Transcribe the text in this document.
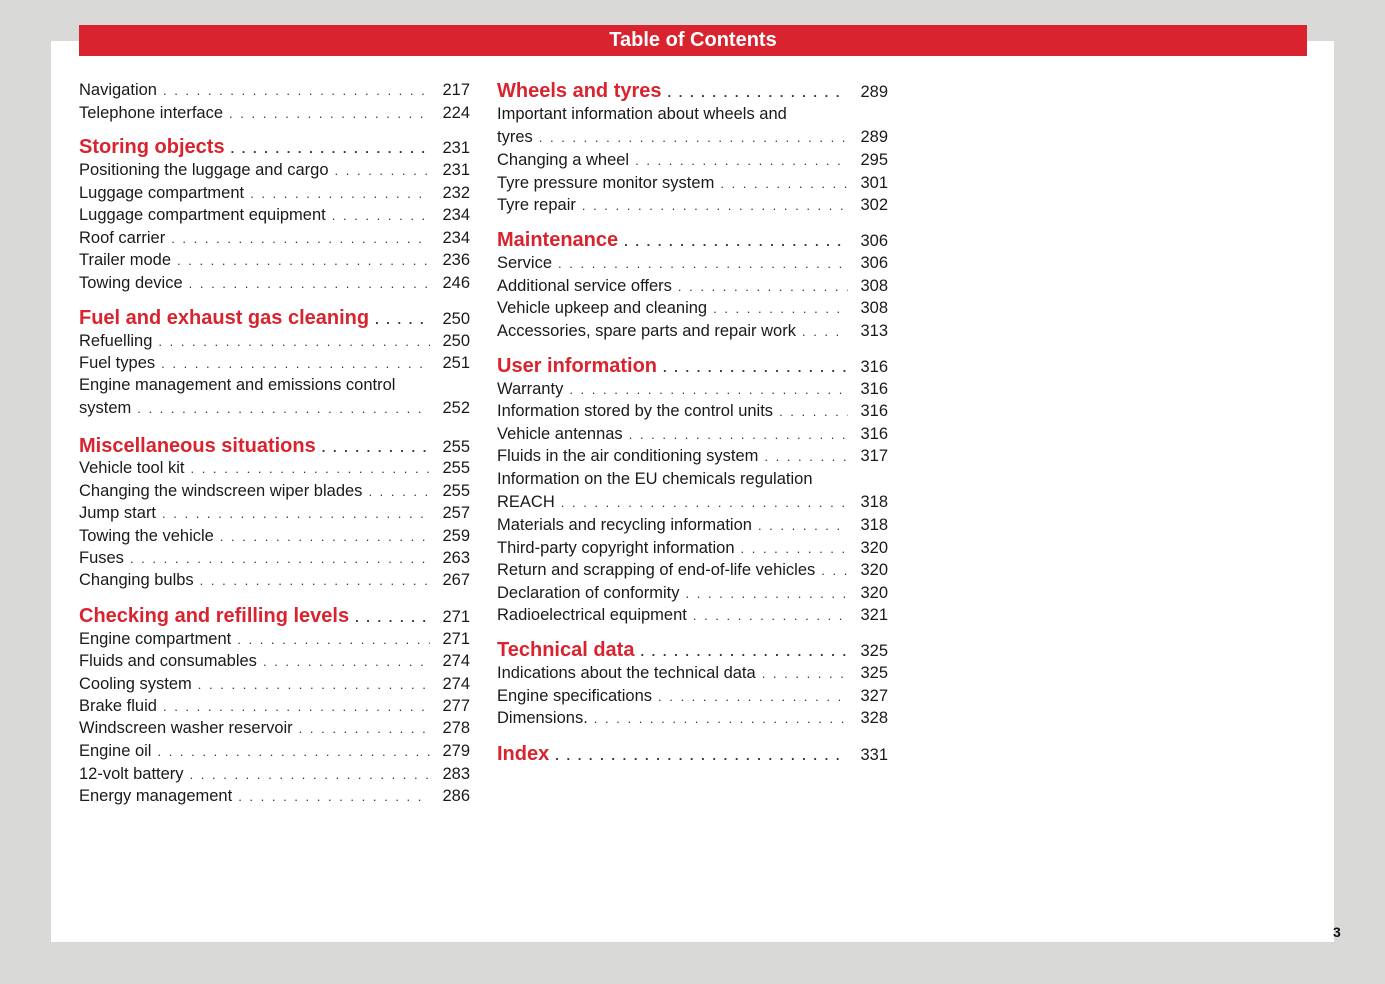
Table of Contents
Navigation . . .	217
Telephone interface . . .	224
Storing objects . . .	231
Positioning the luggage and cargo . . .	231
Luggage compartment . . .	232
Luggage compartment equipment . . .	234
Roof carrier . . .	234
Trailer mode . . .	236
Towing device . . .	246
Fuel and exhaust gas cleaning . . .	250
Refuelling . . .	250
Fuel types . . .	251
Engine management and emissions control
system . . .	252
Miscellaneous situations . . .	255
Vehicle tool kit . . .	255
Changing the windscreen wiper blades . . .	255
Jump start . . .	257
Towing the vehicle . . .	259
Fuses . . .	263
Changing bulbs . . .	267
Checking and refilling levels . . .	271
Engine compartment . . .	271
Fluids and consumables . . .	274
Cooling system . . .	274
Brake fluid . . .	277
Windscreen washer reservoir . . .	278
Engine oil . . .	279
12-volt battery . . .	283
Energy management . . .	286
Wheels and tyres . . .	289
Important information about wheels and
tyres . . .	289
Changing a wheel . . .	295
Tyre pressure monitor system . . .	301
Tyre repair . . .	302
Maintenance . . .	306
Service . . .	306
Additional service offers . . .	308
Vehicle upkeep and cleaning . . .	308
Accessories, spare parts and repair work . . .	313
User information . . .	316
Warranty . . .	316
Information stored by the control units . . .	316
Vehicle antennas . . .	316
Fluids in the air conditioning system . . .	317
Information on the EU chemicals regulation
REACH . . .	318
Materials and recycling information . . .	318
Third-party copyright information . . .	320
Return and scrapping of end-of-life vehicles . . .	320
Declaration of conformity . . .	320
Radioelectrical equipment . . .	321
Technical data . . .	325
Indications about the technical data . . .	325
Engine specifications . . .	327
Dimensions. . . .	328
Index . . .	331
3
